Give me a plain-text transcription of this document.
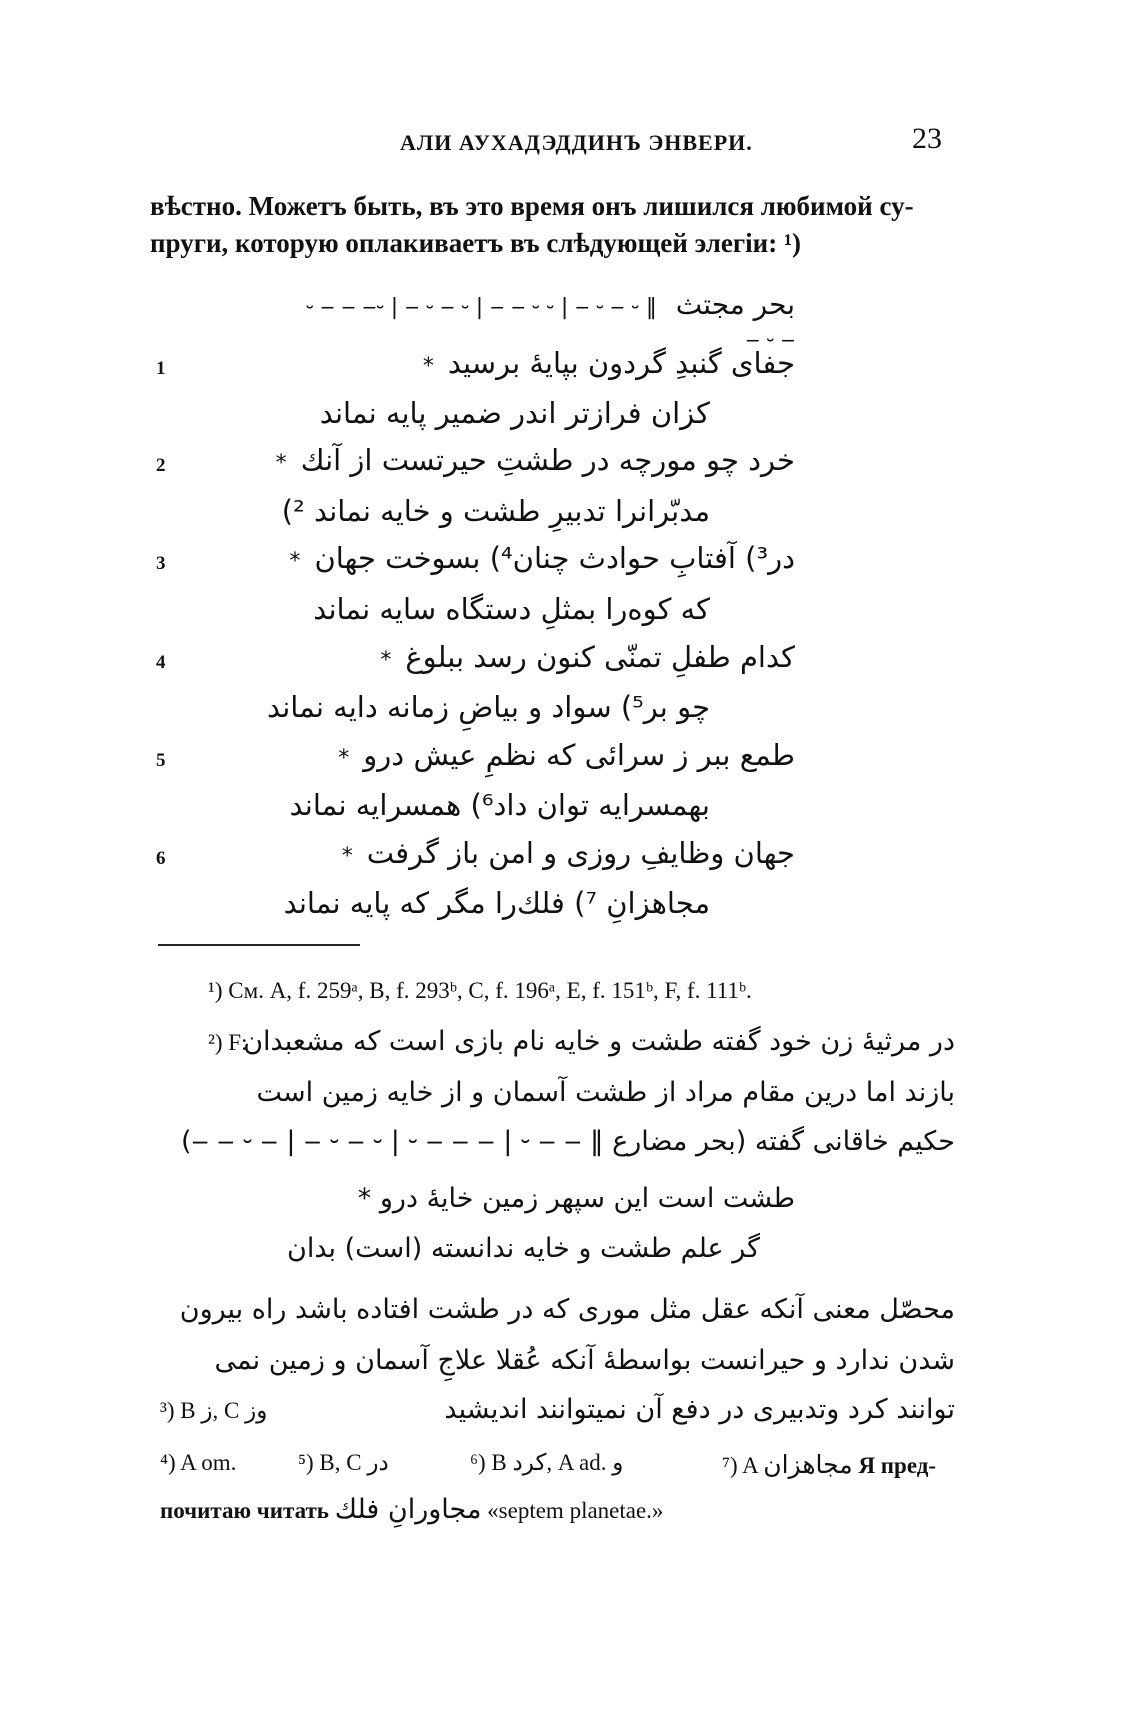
АЛИ АУХАДЭДДИНЪ ЭНВЕРИ.	23
вѣстно. Можетъ быть, въ это время онъ лишился любимой су-
пруги, которую оплакиваетъ въ слѣдующей элегіи: ¹)
بحر مجتث ‖ ⏑ ‒ ⏑ ‒ | ⏑ ⏑ ‒ ‒ | ⏑ ‒ ⏑ ‒ | ⏑‒ ‒ ‒ ⏑ ‒ ⏑ ‒
1	جفای گنبدِ گردون بپایهٔ برسید*
کزان فرازتر اندر ضمیر پایه نماند
2	خرد چو مورچه در طشتِ حیرتست از آنك*
مدبّرانرا تدبیرِ طشت و خایه نماند ²)
3	در³) آفتابِ حوادث چنان⁴) بسوخت جهان*
که کوه‌را بمثلِ دستگاه سایه نماند
4	کدام طفلِ تمنّی کنون رسد ببلوغ*
چو بر⁵) سواد و بیاضِ زمانه دایه نماند
5	طمع ببر ز سرائی که نظمِ عیش درو*
بهمسرایه توان داد⁶) همسرایه نماند
6	جهان وظایفِ روزی و امن باز گرفت*
مجاهزانِ ⁷) فلك‌را مگر که پایه نماند
¹) См. A, f. 259ᵃ, B, f. 293ᵇ, C, f. 196ᵃ, E, f. 151ᵇ, F, f. 111ᵇ.
²) F:
در مرثیهٔ زن خود گفته طشت و خایه نام بازی است که مشعبدان
بازند اما درین مقام مراد از طشت آسمان و از خایه زمین است
حکیم خاقانی گفته (بحر مضارع ‖ ‒ ‒ ⏑ | ‒ ‒ ‒ ⏑ | ⏑ ‒ ⏑ ‒ | ‒ ⏑ ‒ ‒)
طشت است این سپهر زمین خایهٔ درو *
گر علم طشت و خایه ندانسته (است) بدان
محصّل معنی آنکه عقل مثل موری که در طشت افتاده باشد راه بیرون
شدن ندارد و حیرانست بواسطهٔ آنکه عُقلا علاجِ آسمان و زمین نمی
توانند کرد وتدبیری در دفع آن نمیتوانند اندیشید
³) B ز, C وز
⁴) A om.	⁵) B, C در	⁶) B کرد, A ad. و	⁷) A مجاهزان Я пред-
почитаю читать مجاورانِ فلك «septem planetae.»
